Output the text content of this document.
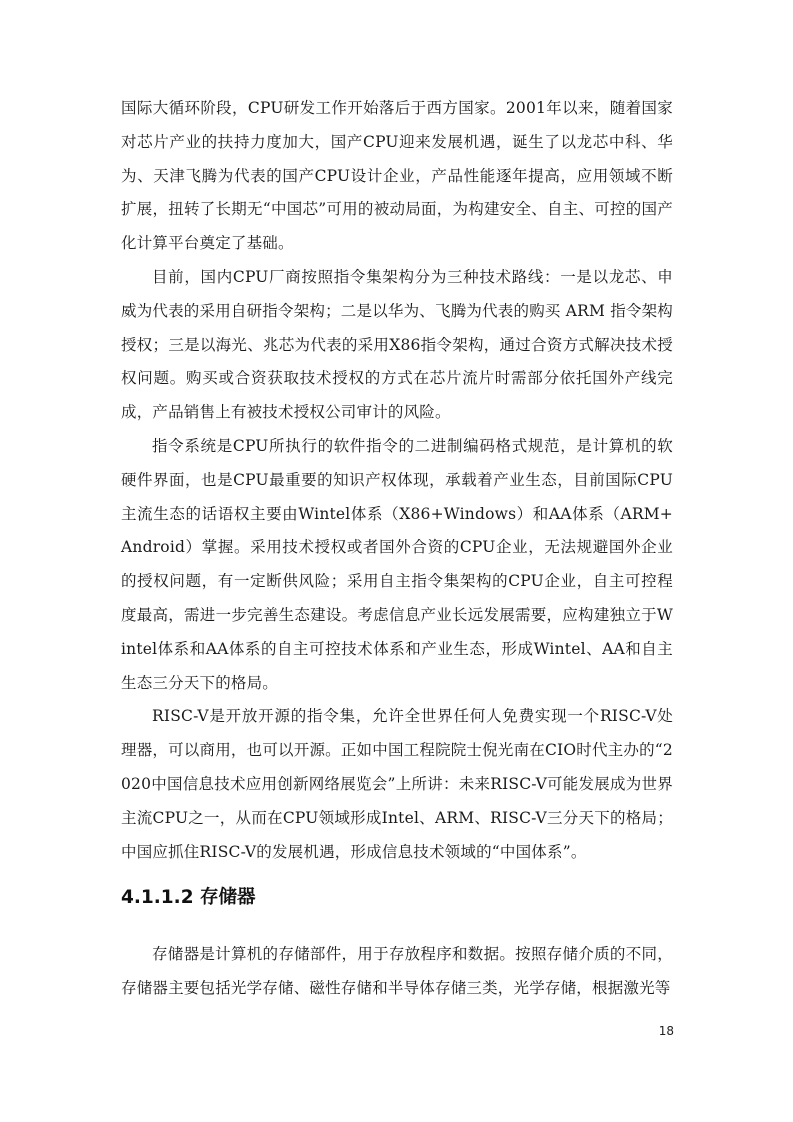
国际大循环阶段，CPU研发工作开始落后于西方国家。2001年以来，随着国家对芯片产业的扶持力度加大，国产CPU迎来发展机遇，诞生了以龙芯中科、华为、天津飞腾为代表的国产CPU设计企业，产品性能逐年提高，应用领域不断扩展，扭转了长期无“中国芯”可用的被动局面，为构建安全、自主、可控的国产化计算平台奠定了基础。

目前，国内CPU厂商按照指令集架构分为三种技术路线：一是以龙芯、申威为代表的采用自研指令架构；二是以华为、飞腾为代表的购买 ARM 指令架构授权；三是以海光、兆芯为代表的采用X86指令架构，通过合资方式解决技术授权问题。购买或合资获取技术授权的方式在芯片流片时需部分依托国外产线完成，产品销售上有被技术授权公司审计的风险。

指令系统是CPU所执行的软件指令的二进制编码格式规范，是计算机的软硬件界面，也是CPU最重要的知识产权体现，承载着产业生态，目前国际CPU主流生态的话语权主要由Wintel体系（X86+Windows）和AA体系（ARM+Android）掌握。采用技术授权或者国外合资的CPU企业，无法规避国外企业的授权问题，有一定断供风险；采用自主指令集架构的CPU企业，自主可控程度最高，需进一步完善生态建设。考虑信息产业长远发展需要，应构建独立于Wintel体系和AA体系的自主可控技术体系和产业生态，形成Wintel、AA和自主生态三分天下的格局。

RISC-V是开放开源的指令集，允许全世界任何人免费实现一个RISC-V处理器，可以商用，也可以开源。正如中国工程院院士倪光南在CIO时代主办的“2020中国信息技术应用创新网络展览会”上所讲：未来RISC-V可能发展成为世界主流CPU之一，从而在CPU领域形成Intel、ARM、RISC-V三分天下的格局；中国应抓住RISC-V的发展机遇，形成信息技术领域的“中国体系”。

4.1.1.2 存储器

存储器是计算机的存储部件，用于存放程序和数据。按照存储介质的不同，存储器主要包括光学存储、磁性存储和半导体存储三类，光学存储，根据激光等

18
